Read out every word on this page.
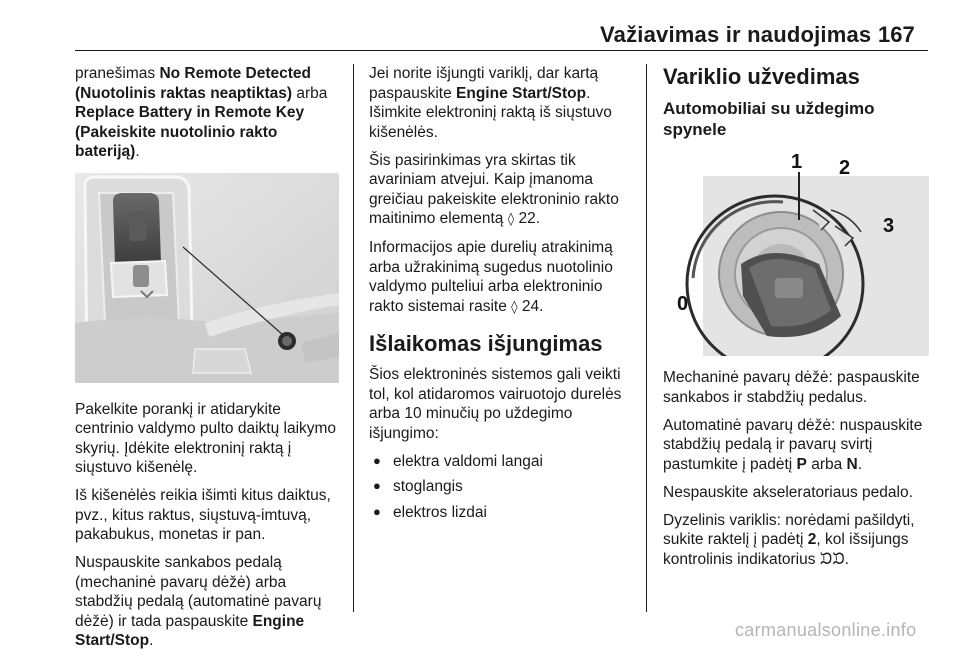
Važiavimas ir naudojimas 167

pranešimas No Remote Detected (Nuotolinis raktas neaptiktas) arba Replace Battery in Remote Key (Pakeiskite nuotolinio rakto bateriją).

Pakelkite porankį ir atidarykite centrinio valdymo pulto daiktų laikymo skyrių. Įdėkite elektroninį raktą į siųstuvo kišenėlę.

Iš kišenėlės reikia išimti kitus daiktus, pvz., kitus raktus, siųstuvą-imtuvą, pakabukus, monetas ir pan.

Nuspauskite sankabos pedalą (mechaninė pavarų dėžė) arba stabdžių pedalą (automatinė pavarų dėžė) ir tada paspauskite Engine Start/Stop.

Jei norite išjungti variklį, dar kartą paspauskite Engine Start/Stop. Išimkite elektroninį raktą iš siųstuvo kišenėlės.

Šis pasirinkimas yra skirtas tik avariniam atvejui. Kaip įmanoma greičiau pakeiskite elektroninio rakto maitinimo elementą ◊ 22.

Informacijos apie durelių atrakinimą arba užrakinimą sugedus nuotolinio valdymo pulteliui arba elektroninio rakto sistemai rasite ◊ 24.

Išlaikomas išjungimas

Šios elektroninės sistemos gali veikti tol, kol atidaromos vairuotojo durelės arba 10 minučių po uždegimo išjungimo:

● elektra valdomi langai
● stoglangis
● elektros lizdai
Variklio užvedimas
Automobiliai su uždegimo spynele
1 2
3
0

Mechaninė pavarų dėžė: paspauskite sankabos ir stabdžių pedalus.

Automatinė pavarų dėžė: nuspauskite stabdžių pedalą ir pavarų svirtį pastumkite į padėtį P arba N.

Nespauskite akseleratoriaus pedalo.

Dyzelinis variklis: norėdami pašildyti, sukite raktelį į padėtį 2, kol išsijungs kontrolinis indikatorius ᙃᙃ.

carmanualsonline.info
